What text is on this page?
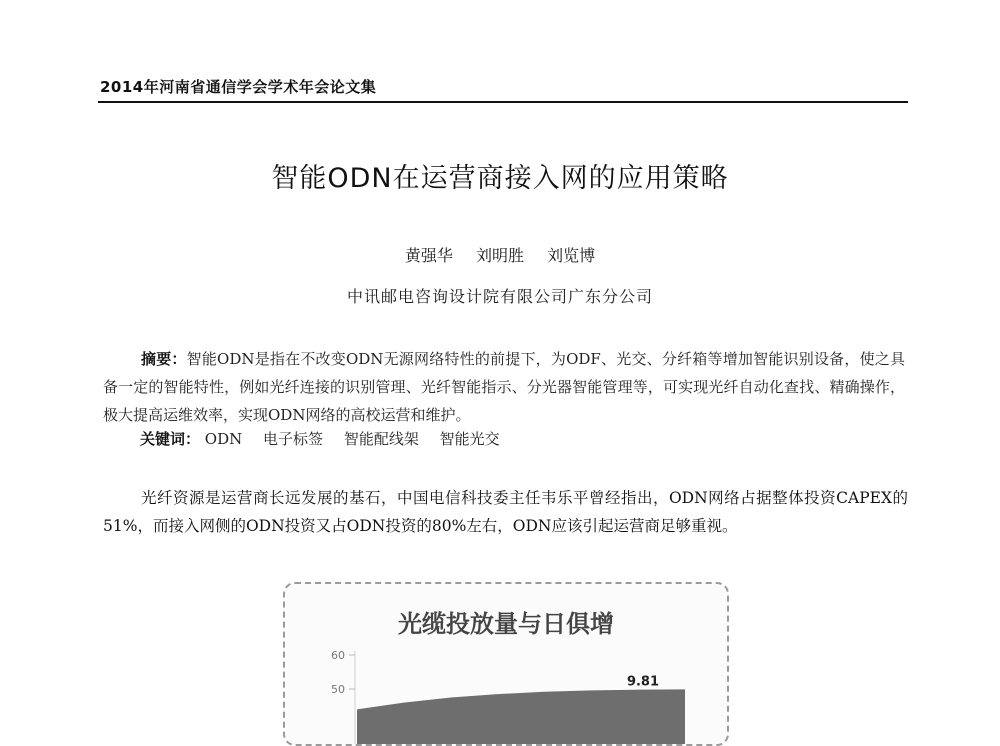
2014年河南省通信学会学术年会论文集
智能ODN在运营商接入网的应用策略
黄强华 刘明胜 刘览博
中讯邮电咨询设计院有限公司广东分公司
摘要：智能ODN是指在不改变ODN无源网络特性的前提下，为ODF、光交、分纤箱等增加智能识别设备，使之具备一定的智能特性，例如光纤连接的识别管理、光纤智能指示、分光器智能管理等，可实现光纤自动化查找、精确操作，极大提高运维效率，实现ODN网络的高校运营和维护。
关键词： ODN 电子标签 智能配线架 智能光交
光纤资源是运营商长远发展的基石，中国电信科技委主任韦乐平曾经指出，ODN网络占据整体投资CAPEX的51%，而接入网侧的ODN投资又占ODN投资的80%左右，ODN应该引起运营商足够重视。
光缆投放量与日俱增
60
50
9.81
